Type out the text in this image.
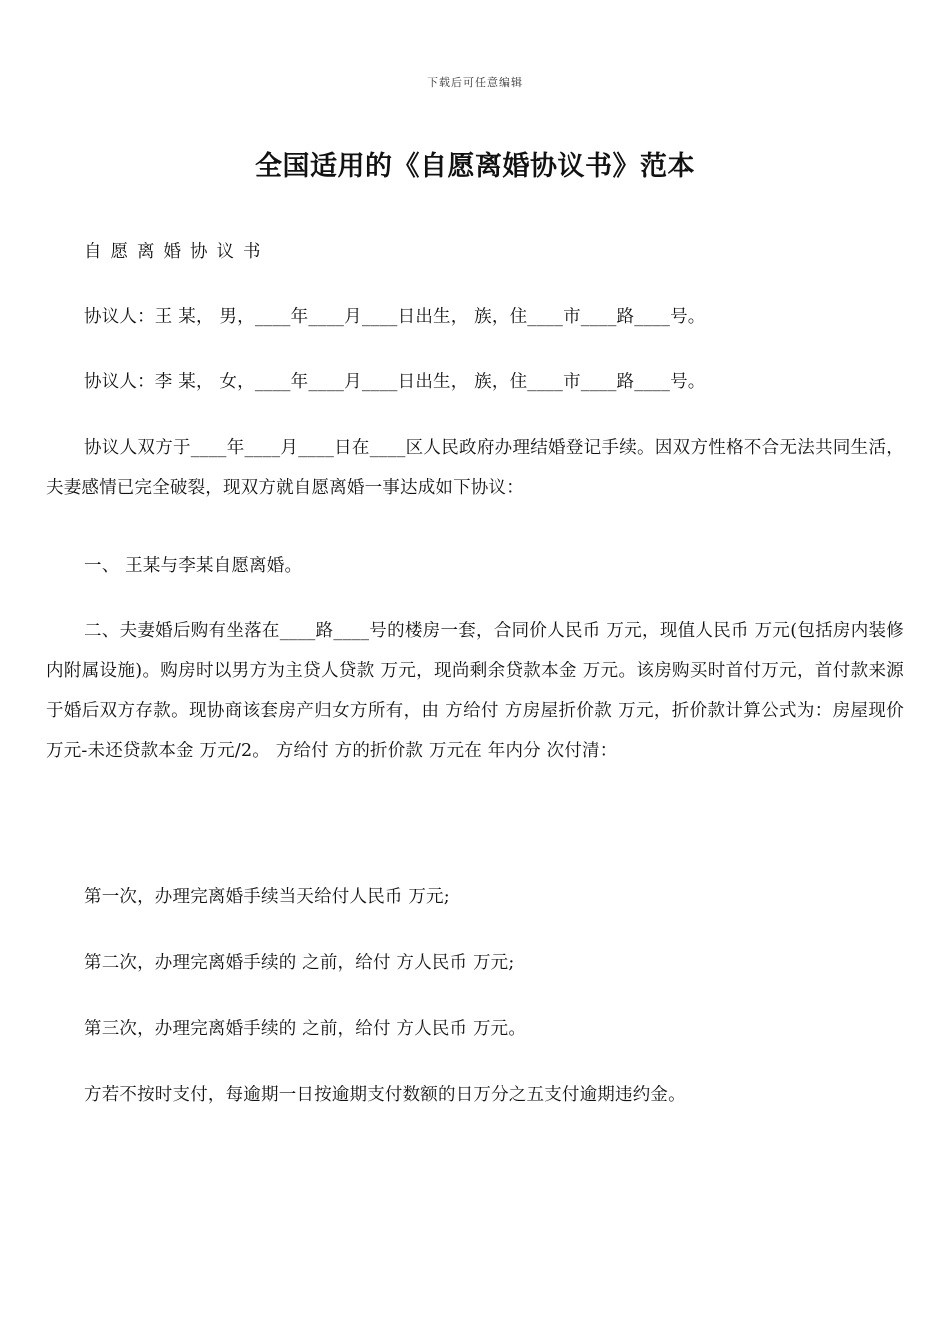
下载后可任意编辑
全国适用的《自愿离婚协议书》范本

自愿离婚协议书

协议人：王 某， 男，____年____月____日出生， 族，住____市____路____号。

协议人：李 某， 女，____年____月____日出生， 族，住____市____路____号。

协议人双方于____年____月____日在____区人民政府办理结婚登记手续。因双方性格不合无法共同生活，夫妻感情已完全破裂，现双方就自愿离婚一事达成如下协议：

一、 王某与李某自愿离婚。

二、夫妻婚后购有坐落在____路____号的楼房一套，合同价人民币 万元，现值人民币 万元(包括房内装修内附属设施)。购房时以男方为主贷人贷款 万元，现尚剩余贷款本金 万元。该房购买时首付万元，首付款来源于婚后双方存款。现协商该套房产归女方所有，由 方给付 方房屋折价款 万元，折价款计算公式为：房屋现价 万元-未还贷款本金 万元/2。 方给付 方的折价款 万元在 年内分 次付清：

第一次，办理完离婚手续当天给付人民币 万元;

第二次，办理完离婚手续的 之前，给付 方人民币 万元;

第三次，办理完离婚手续的 之前，给付 方人民币 万元。

方若不按时支付，每逾期一日按逾期支付数额的日万分之五支付逾期违约金。
